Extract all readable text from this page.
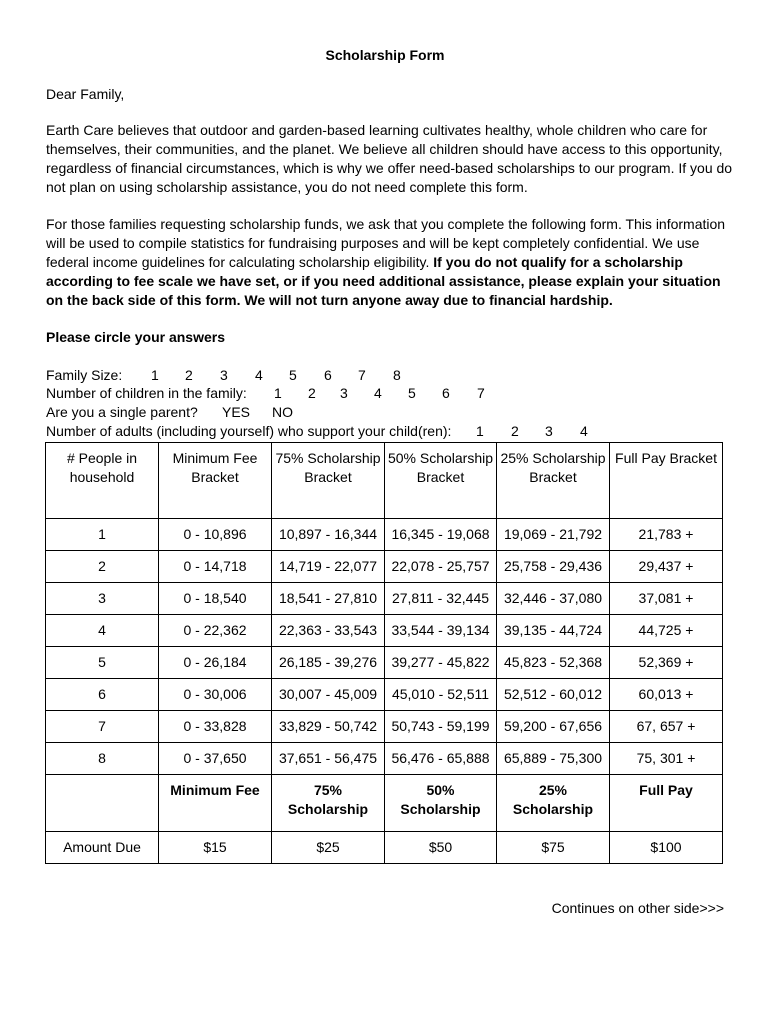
Scholarship Form

Dear Family,

Earth Care believes that outdoor and garden-based learning cultivates healthy, whole children who care for themselves, their communities, and the planet. We believe all children should have access to this opportunity, regardless of financial circumstances, which is why we offer need-based scholarships to our program. If you do not plan on using scholarship assistance, you do not need complete this form.

For those families requesting scholarship funds, we ask that you complete the following form. This information will be used to compile statistics for fundraising purposes and will be kept completely confidential. We use federal income guidelines for calculating scholarship eligibility. If you do not qualify for a scholarship according to fee scale we have set, or if you need additional assistance, please explain your situation on the back side of this form. We will not turn anyone away due to financial hardship.

Please circle your answers

Family Size: 1 2 3 4 5 6 7 8
Number of children in the family: 1 2 3 4 5 6 7
Are you a single parent? YES NO
Number of adults (including yourself) who support your child(ren): 1 2 3 4
# People in household	Minimum Fee Bracket	75% Scholarship Bracket	50% Scholarship Bracket	25% Scholarship Bracket	Full Pay Bracket
1	0 - 10,896	10,897 - 16,344	16,345 - 19,068	19,069 - 21,792	21,783 +
2	0 - 14,718	14,719 - 22,077	22,078 - 25,757	25,758 - 29,436	29,437 +
3	0 - 18,540	18,541 - 27,810	27,811 - 32,445	32,446 - 37,080	37,081 +
4	0 - 22,362	22,363 - 33,543	33,544 - 39,134	39,135 - 44,724	44,725 +
5	0 - 26,184	26,185 - 39,276	39,277 - 45,822	45,823 - 52,368	52,369 +
6	0 - 30,006	30,007 - 45,009	45,010 - 52,511	52,512 - 60,012	60,013 +
7	0 - 33,828	33,829 - 50,742	50,743 - 59,199	59,200 - 67,656	67, 657 +
8	0 - 37,650	37,651 - 56,475	56,476 - 65,888	65,889 - 75,300	75, 301 +
	Minimum Fee	75% Scholarship	50% Scholarship	25% Scholarship	Full Pay
Amount Due	$15	$25	$50	$75	$100
Continues on other side>>>
